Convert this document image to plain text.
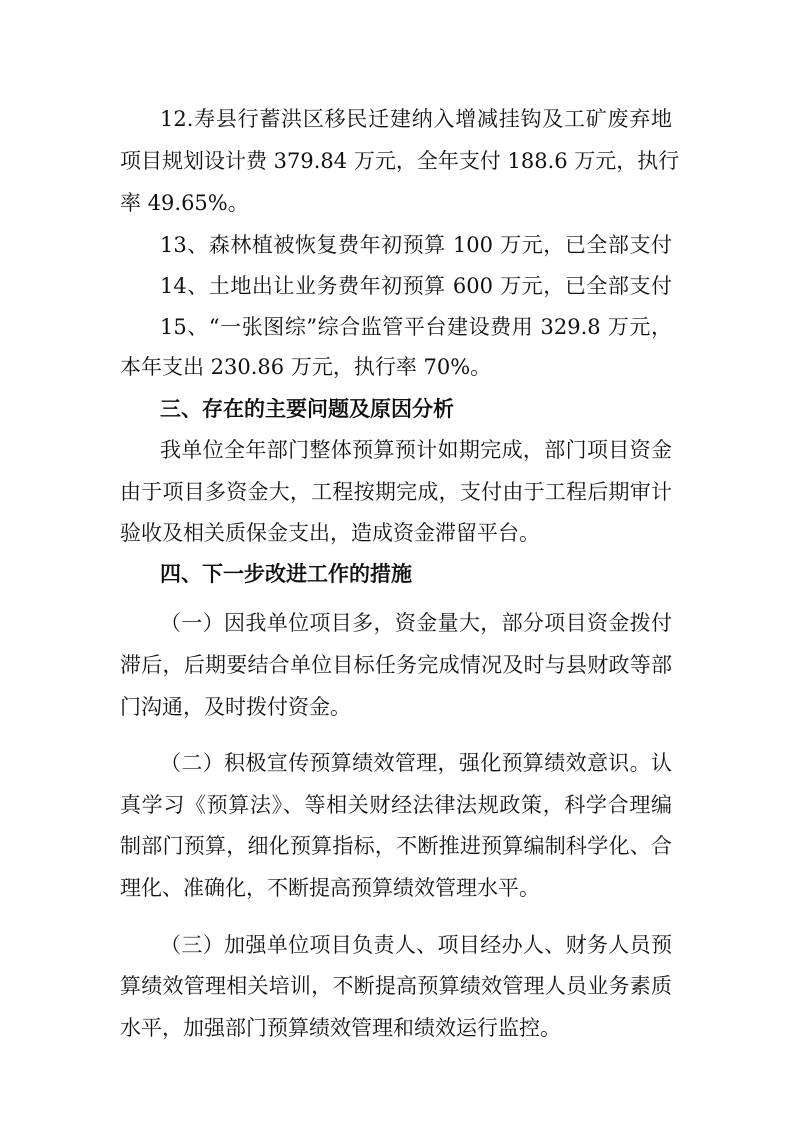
12.寿县行蓄洪区移民迁建纳入增减挂钩及工矿废弃地
项目规划设计费 379.84 万元，全年支付 188.6 万元，执行
率 49.65%。
13、森林植被恢复费年初预算 100 万元，已全部支付
14、土地出让业务费年初预算 600 万元，已全部支付
15、“一张图综”综合监管平台建设费用 329.8 万元，
本年支出 230.86 万元，执行率 70%。
三、存在的主要问题及原因分析
我单位全年部门整体预算预计如期完成，部门项目资金
由于项目多资金大，工程按期完成，支付由于工程后期审计
验收及相关质保金支出，造成资金滞留平台。
四、下一步改进工作的措施
（一）因我单位项目多，资金量大，部分项目资金拨付
滞后，后期要结合单位目标任务完成情况及时与县财政等部
门沟通，及时拨付资金。
（二）积极宣传预算绩效管理，强化预算绩效意识。认
真学习《预算法》、等相关财经法律法规政策，科学合理编
制部门预算，细化预算指标，不断推进预算编制科学化、合
理化、准确化，不断提高预算绩效管理水平。
（三）加强单位项目负责人、项目经办人、财务人员预
算绩效管理相关培训，不断提高预算绩效管理人员业务素质
水平，加强部门预算绩效管理和绩效运行监控。
